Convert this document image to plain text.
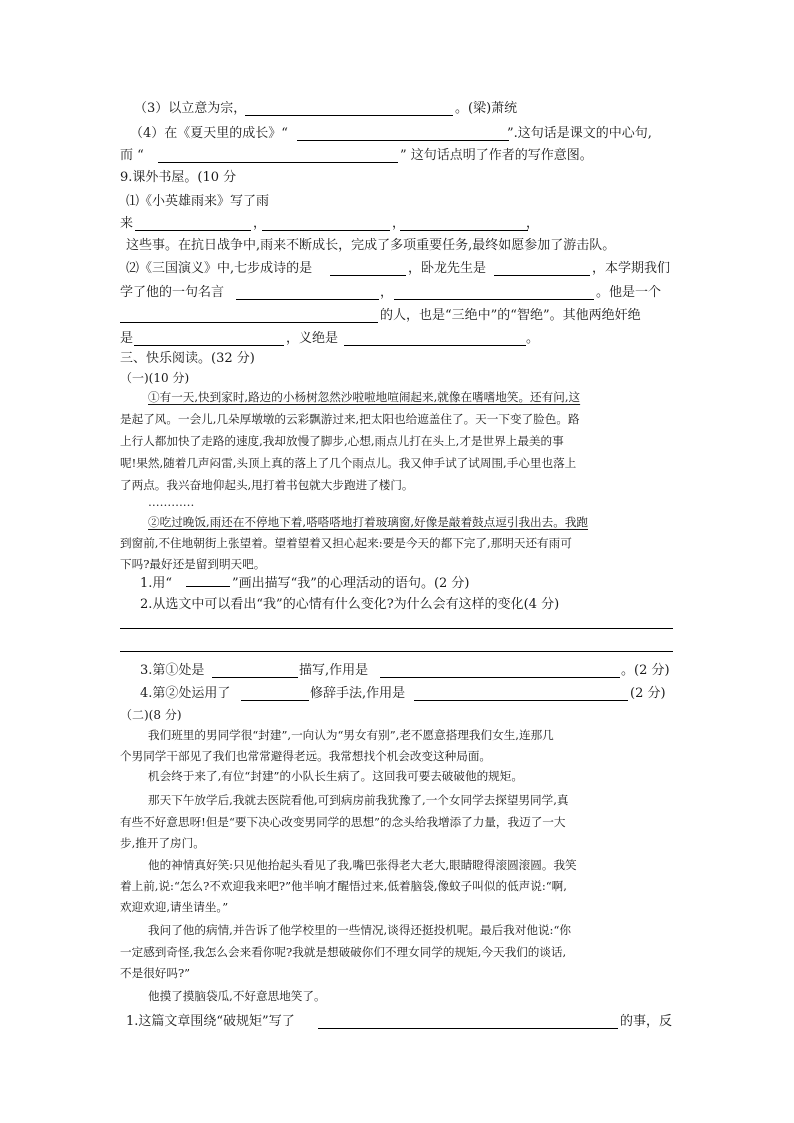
（3）以立意为宗，	。(梁)萧统
（4）在《夏天里的成长》“	”.这句话是课文的中心句,
而 “	” 这句话点明了作者的写作意图。
9.课外书屋。(10 分
⑴《小英雄雨来》写了雨
来	，	，	，
这些事。在抗日战争中,雨来不断成长，完成了多项重要任务,最终如愿参加了游击队。
⑵《三国演义》中,七步成诗的是	，卧龙先生是	，本学期我们
学了他的一句名言	，	。他是一个
的人，也是“三绝中”的“智绝”。其他两绝奸绝
是	，义绝是	。
三、快乐阅读。(32 分)
（一)(10 分)
①有一天,快到家时,路边的小杨树忽然沙啦啦地喧闹起来,就像在嗜嗜地笑。还有问,这
是起了风。一会儿,几朵厚墩墩的云彩飘游过来,把太阳也给遮盖住了。天一下变了脸色。路
上行人都加快了走路的速度,我却放慢了脚步,心想,雨点儿打在头上,才是世界上最美的事
呢!果然,随着几声闷雷,头顶上真的落上了几个雨点儿。我又伸手试了试周围,手心里也落上
了两点。我兴奋地仰起头,甩打着书包就大步跑进了楼门。
…………
②吃过晚饭,雨还在不停地下着,嗒嗒嗒地打着玻璃窗,好像是敲着鼓点逗引我出去。我跑
到窗前,不住地朝街上张望着。望着望着又担心起来:要是今天的都下完了,那明天还有雨可
下吗?最好还是留到明天吧。
1.用“	”画出描写“我”的心理活动的语句。(2 分)
2.从选文中可以看出“我”的心情有什么变化?为什么会有这样的变化(4 分)
3.第①处是	描写,作用是	。(2 分)
4.第②处运用了	修辞手法,作用是	(2 分)
（二)(8 分)
我们班里的男同学很“封建”,一向认为“男女有别”,老不愿意搭理我们女生,连那几
个男同学干部见了我们也常常避得老远。我常想找个机会改变这种局面。
机会终于来了,有位“封建”的小队长生病了。这回我可要去破破他的规矩。
那天下午放学后,我就去医院看他,可到病房前我犹豫了,一个女同学去探望男同学,真
有些不好意思呀!但是“要下决心改变男同学的思想”的念头给我增添了力量，我迈了一大
步,推开了房门。
他的神情真好笑:只见他抬起头看见了我,嘴巴张得老大老大,眼睛瞪得滚圆滚圆。我笑
着上前,说:“怎么?不欢迎我来吧?”他半响才醒悟过来,低着脑袋,像蚊子叫似的低声说:“啊,
欢迎欢迎,请坐请坐。”
我问了他的病情,并告诉了他学校里的一些情况,谈得还挺投机呢。最后我对他说:“你
一定感到奇怪,我怎么会来看你呢?我就是想破破你们不理女同学的规矩,今天我们的谈话,
不是很好吗?”
他摸了摸脑袋瓜,不好意思地笑了。
1.这篇文章围绕“破规矩”写了	的事，反
